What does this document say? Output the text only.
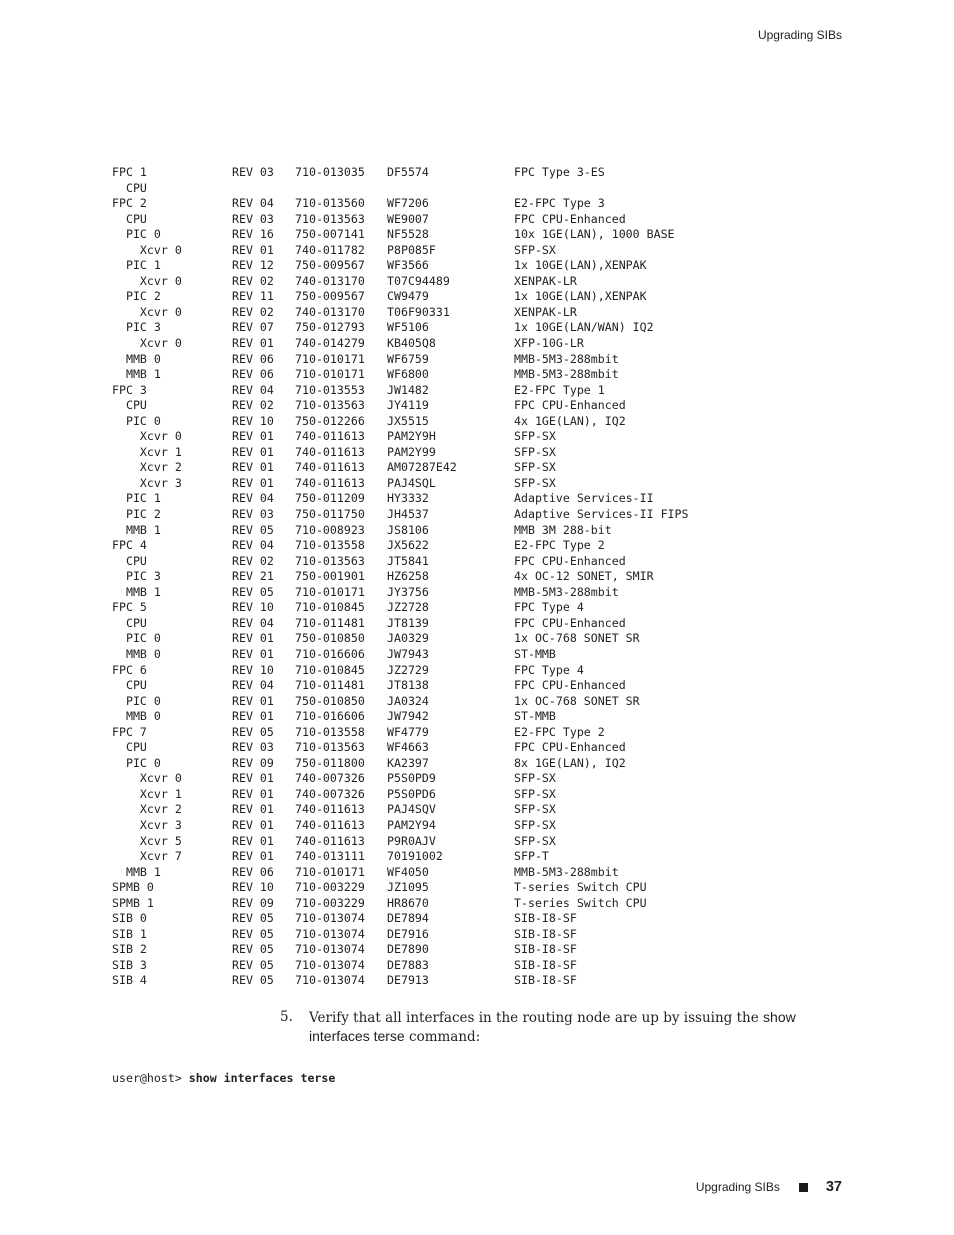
Upgrading SIBs
FPC 1	REV 03 710-013035 DF5574	FPC Type 3-ES
CPU
FPC 2	REV 04 710-013560 WF7206	E2-FPC Type 3
CPU	REV 03 710-013563 WE9007	FPC CPU-Enhanced
PIC 0	REV 16 750-007141 NF5528	10x 1GE(LAN), 1000 BASE
Xcvr 0	REV 01 740-011782 P8P085F	SFP-SX
PIC 1	REV 12 750-009567 WF3566	1x 10GE(LAN),XENPAK
Xcvr 0	REV 02 740-013170 T07C94489	XENPAK-LR
PIC 2	REV 11 750-009567 CW9479	1x 10GE(LAN),XENPAK
Xcvr 0	REV 02 740-013170 T06F90331	XENPAK-LR
PIC 3	REV 07 750-012793 WF5106	1x 10GE(LAN/WAN) IQ2
Xcvr 0	REV 01 740-014279 KB405Q8	XFP-10G-LR
MMB 0	REV 06 710-010171 WF6759	MMB-5M3-288mbit
MMB 1	REV 06 710-010171 WF6800	MMB-5M3-288mbit
FPC 3	REV 04 710-013553 JW1482	E2-FPC Type 1
CPU	REV 02 710-013563 JY4119	FPC CPU-Enhanced
PIC 0	REV 10 750-012266 JX5515	4x 1GE(LAN), IQ2
Xcvr 0	REV 01 740-011613 PAM2Y9H	SFP-SX
Xcvr 1	REV 01 740-011613 PAM2Y99	SFP-SX
Xcvr 2	REV 01 740-011613 AM07287E42	SFP-SX
Xcvr 3	REV 01 740-011613 PAJ4SQL	SFP-SX
PIC 1	REV 04 750-011209 HY3332	Adaptive Services-II
PIC 2	REV 03 750-011750 JH4537	Adaptive Services-II FIPS
MMB 1	REV 05 710-008923 JS8106	MMB 3M 288-bit
FPC 4	REV 04 710-013558 JX5622	E2-FPC Type 2
CPU	REV 02 710-013563 JT5841	FPC CPU-Enhanced
PIC 3	REV 21 750-001901 HZ6258	4x OC-12 SONET, SMIR
MMB 1	REV 05 710-010171 JY3756	MMB-5M3-288mbit
FPC 5	REV 10 710-010845 JZ2728	FPC Type 4
CPU	REV 04 710-011481 JT8139	FPC CPU-Enhanced
PIC 0	REV 01 750-010850 JA0329	1x OC-768 SONET SR
MMB 0	REV 01 710-016606 JW7943	ST-MMB
FPC 6	REV 10 710-010845 JZ2729	FPC Type 4
CPU	REV 04 710-011481 JT8138	FPC CPU-Enhanced
PIC 0	REV 01 750-010850 JA0324	1x OC-768 SONET SR
MMB 0	REV 01 710-016606 JW7942	ST-MMB
FPC 7	REV 05 710-013558 WF4779	E2-FPC Type 2
CPU	REV 03 710-013563 WF4663	FPC CPU-Enhanced
PIC 0	REV 09 750-011800 KA2397	8x 1GE(LAN), IQ2
Xcvr 0	REV 01 740-007326 P5S0PD9	SFP-SX
Xcvr 1	REV 01 740-007326 P5S0PD6	SFP-SX
Xcvr 2	REV 01 740-011613 PAJ4SQV	SFP-SX
Xcvr 3	REV 01 740-011613 PAM2Y94	SFP-SX
Xcvr 5	REV 01 740-011613 P9R0AJV	SFP-SX
Xcvr 7	REV 01 740-013111 70191002	SFP-T
MMB 1	REV 06 710-010171 WF4050	MMB-5M3-288mbit
SPMB 0	REV 10 710-003229 JZ1095	T-series Switch CPU
SPMB 1	REV 09 710-003229 HR8670	T-series Switch CPU
SIB 0	REV 05 710-013074 DE7894	SIB-I8-SF
SIB 1	REV 05 710-013074 DE7916	SIB-I8-SF
SIB 2	REV 05 710-013074 DE7890	SIB-I8-SF
SIB 3	REV 05 710-013074 DE7883	SIB-I8-SF
SIB 4	REV 05 710-013074 DE7913	SIB-I8-SF
5. Verify that all interfaces in the routing node are up by issuing the show interfaces terse command:
user@host> show interfaces terse
Upgrading SIBs	37
